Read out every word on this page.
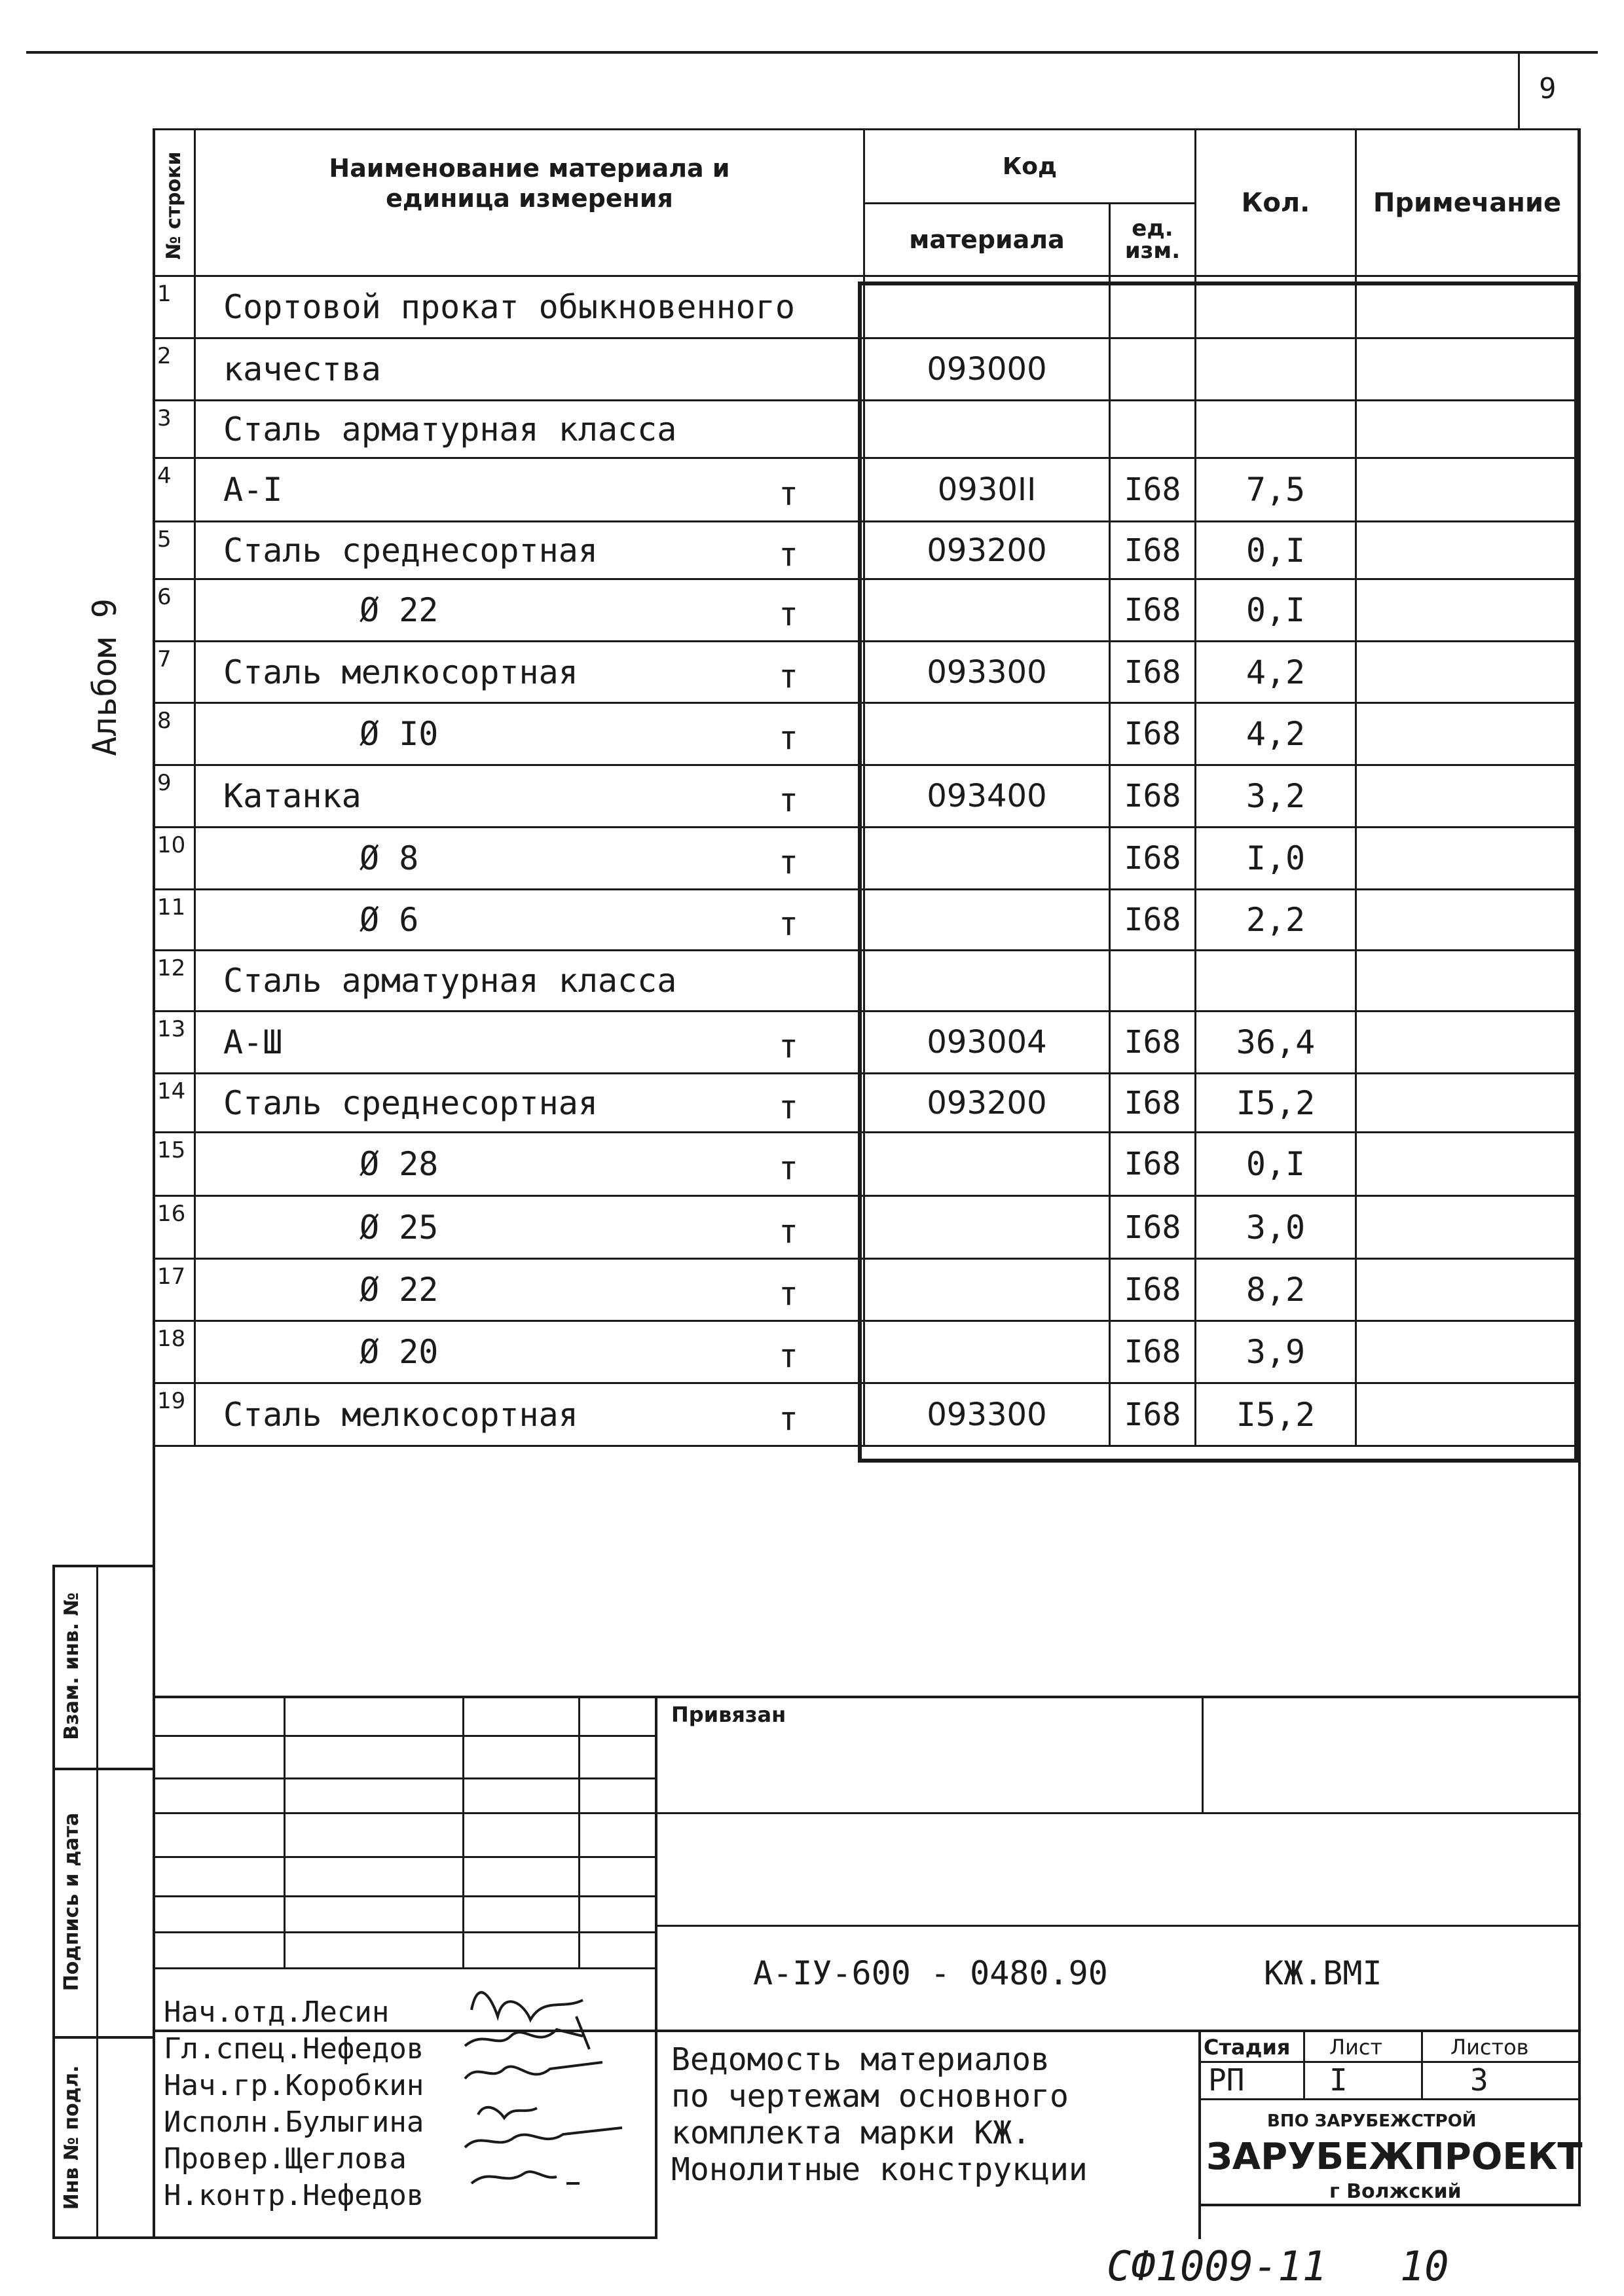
9
Альбом 9
№ строки	Наименование материала и единица измерения	Код		Кол.	Примечание
		материала	ед. изм.		
1	Сортовой прокат обыкновенного				

2	качества	093000			
3	Сталь арматурная класса				

4	А-I т	0930II	I68	7,5	
5	Сталь среднесортная т	093200	I68	0,I	
6	Ø 22 т		I68	0,I	
7	Сталь мелкосортная т	093300	I68	4,2	
8	Ø I0 т		I68	4,2	
9	Катанка т	093400	I68	3,2	
10	Ø 8 т		I68	I,0	
11	Ø 6 т		I68	2,2	
12	Сталь арматурная класса				

13	А-Ш т	093004	I68	36,4	
14	Сталь среднесортная т	093200	I68	I5,2	
15	Ø 28 т		I68	0,I	
16	Ø 25 т		I68	3,0	
17	Ø 22 т		I68	8,2	
18	Ø 20 т		I68	3,9	
19	Сталь мелкосортная т	093300	I68	I5,2	
Взам. инв. №
Подпись и дата
Инв № подл.
Привязан
А-IУ-600 - 0480.90	КЖ.ВМI
Ведомость материалов
по чертежам основного
комплекта марки КЖ.
Монолитные конструкции
Стадия Лист	Листов
РП	I	3
ВПО ЗАРУБЕЖСТРОЙ
ЗАРУБЕЖПРОЕКТ
г Волжский
Нач.отд.Лесин
Гл.спец.Нефедов
Нач.гр.Коробкин
Исполн.Булыгина
Провер.Щеглова
Н.контр.Нефедов
СФ1009-11   10
